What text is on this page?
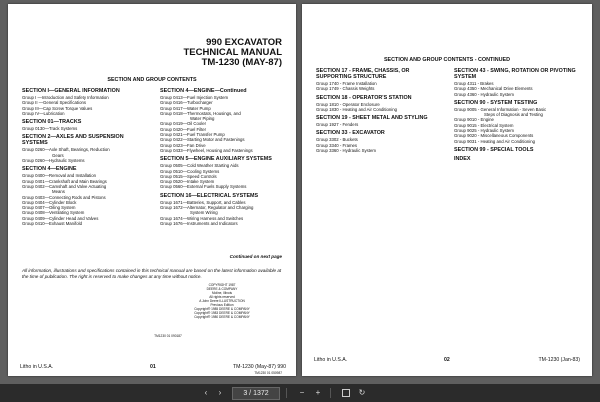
990 EXCAVATOR
TECHNICAL MANUAL
TM-1230 (MAY-87)
SECTION AND GROUP CONTENTS
SECTION I—GENERAL INFORMATION
Group I —Introduction and Safety Information
Group II —General Specifications
Group III—Cap Screw Torque Values
Group IV—Lubrication
SECTION 01—TRACKS
Group 0130—Track Systems
SECTION 2—AXLES AND SUSPENSION SYSTEMS
Group 0260—Axle Shaft, Bearings, Reduction
Gears
Group 0260—Hydraulic Systems
SECTION 4—ENGINE
Group 0400—Removal and Installation
Group 0401—Crankshaft and Main Bearings
Group 0402—Camshaft and Valve Actuating
Means
Group 0403—Connecting Rods and Pistons
Group 0404—Cylinder Block
Group 0407—Oiling System
Group 0408—Ventilating System
Group 0409—Cylinder Head and Valves
Group 0410—Exhaust Manifold
SECTION 4—ENGINE—Continued
Group 0413—Fuel Injection System
Group 0416—Turbocharger
Group 0417—Water Pump
Group 0418—Thermostats, Housings, and
Water Piping
Group 0419—Oil Cooler
Group 0420—Fuel Filter
Group 0421—Fuel Transfer Pump
Group 0422—Starting Motor and Fastenings
Group 0423—Fan Drive
Group 0433—Flywheel, Housing and Fastenings
SECTION 5—ENGINE AUXILIARY SYSTEMS
Group 0505—Cold Weather Starting Aids
Group 0510—Cooling Systems
Group 0515—Speed Controls
Group 0520—Intake System
Group 0560—External Fuels Supply Systems
SECTION 16—ELECTRICAL SYSTEMS
Group 1671—Batteries, Support, and Cables
Group 1672—Alternator, Regulator and Charging
System Wiring
Group 1674—Wiring Harness and Switches
Group 1676—Instruments and Indicators
Continued on next page
All information, illustrations and specifications contained in this technical manual are based on the latest information available at the time of publication. The right is reserved to make changes at any time without notice.
COPYRIGHT 1987
DEERE & COMPANY
Moline, Illinois
All rights reserved
A John Deere ILLUSTRUCTION
Previous Edition
Copyright® 1985 DEERE & COMPANY
Copyright® 1983 DEERE & COMPANY
Copyright® 1980 DEERE & COMPANY
TM1230 01 090187
Litho in U.S.A.	01	TM-1230 (May-87) 990
TM1230 01 050987
SECTION AND GROUP CONTENTS - CONTINUED
SECTION 17 - FRAME, CHASSIS, OR SUPPORTING STRUCTURE
Group 1740 - Frame Installation
Group 1749 - Chassis Weights
SECTION 18 - OPERATOR'S STATION
Group 1810 - Operator Enclosure
Group 1830 - Heating and Air Conditioning
SECTION 19 - SHEET METAL AND STYLING
Group 1927 - Fenders
SECTION 33 - EXCAVATOR
Group 3302 - Buckets
Group 3340 - Frames
Group 3360 - Hydraulic System
SECTION 43 - SWING, ROTATION OR PIVOTING SYSTEM
Group 4311 - Brakes
Group 4350 - Mechanical Drive Elements
Group 4360 - Hydraulic System
SECTION 90 - SYSTEM TESTING
Group 9005 - General Information - Seven Basic
Steps of Diagnosis and Testing
Group 9010 - Engine
Group 9015 - Electrical System
Group 9025 - Hydraulic System
Group 9020 - Miscellaneous Components
Group 9031 - Heating and Air Conditioning
SECTION 99 - SPECIAL TOOLS
INDEX
Litho in U.S.A.	02	TM-1230 (Jan-83)
‹	›	3 / 1372	−	+	↻
